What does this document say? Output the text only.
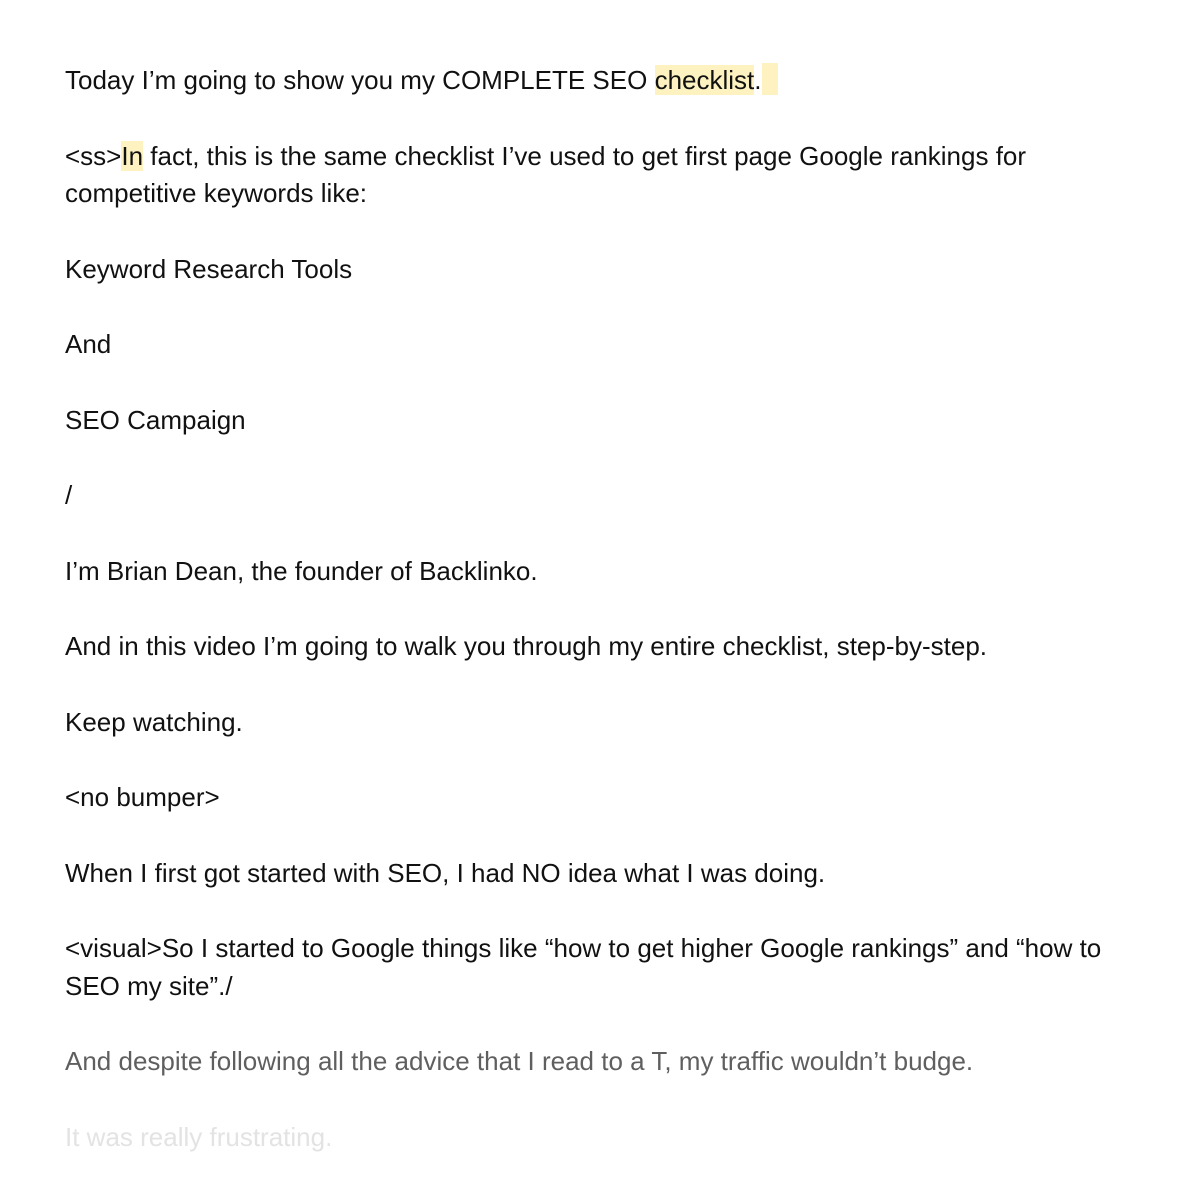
Today I’m going to show you my COMPLETE SEO checklist.

<ss>In fact, this is the same checklist I’ve used to get first page Google rankings for competitive keywords like:

Keyword Research Tools

And

SEO Campaign

/

I’m Brian Dean, the founder of Backlinko.

And in this video I’m going to walk you through my entire checklist, step-by-step.

Keep watching.

<no bumper>

When I first got started with SEO, I had NO idea what I was doing.

<visual>So I started to Google things like “how to get higher Google rankings” and “how to SEO my site”./

And despite following all the advice that I read to a T, my traffic wouldn’t budge.

It was really frustrating.
